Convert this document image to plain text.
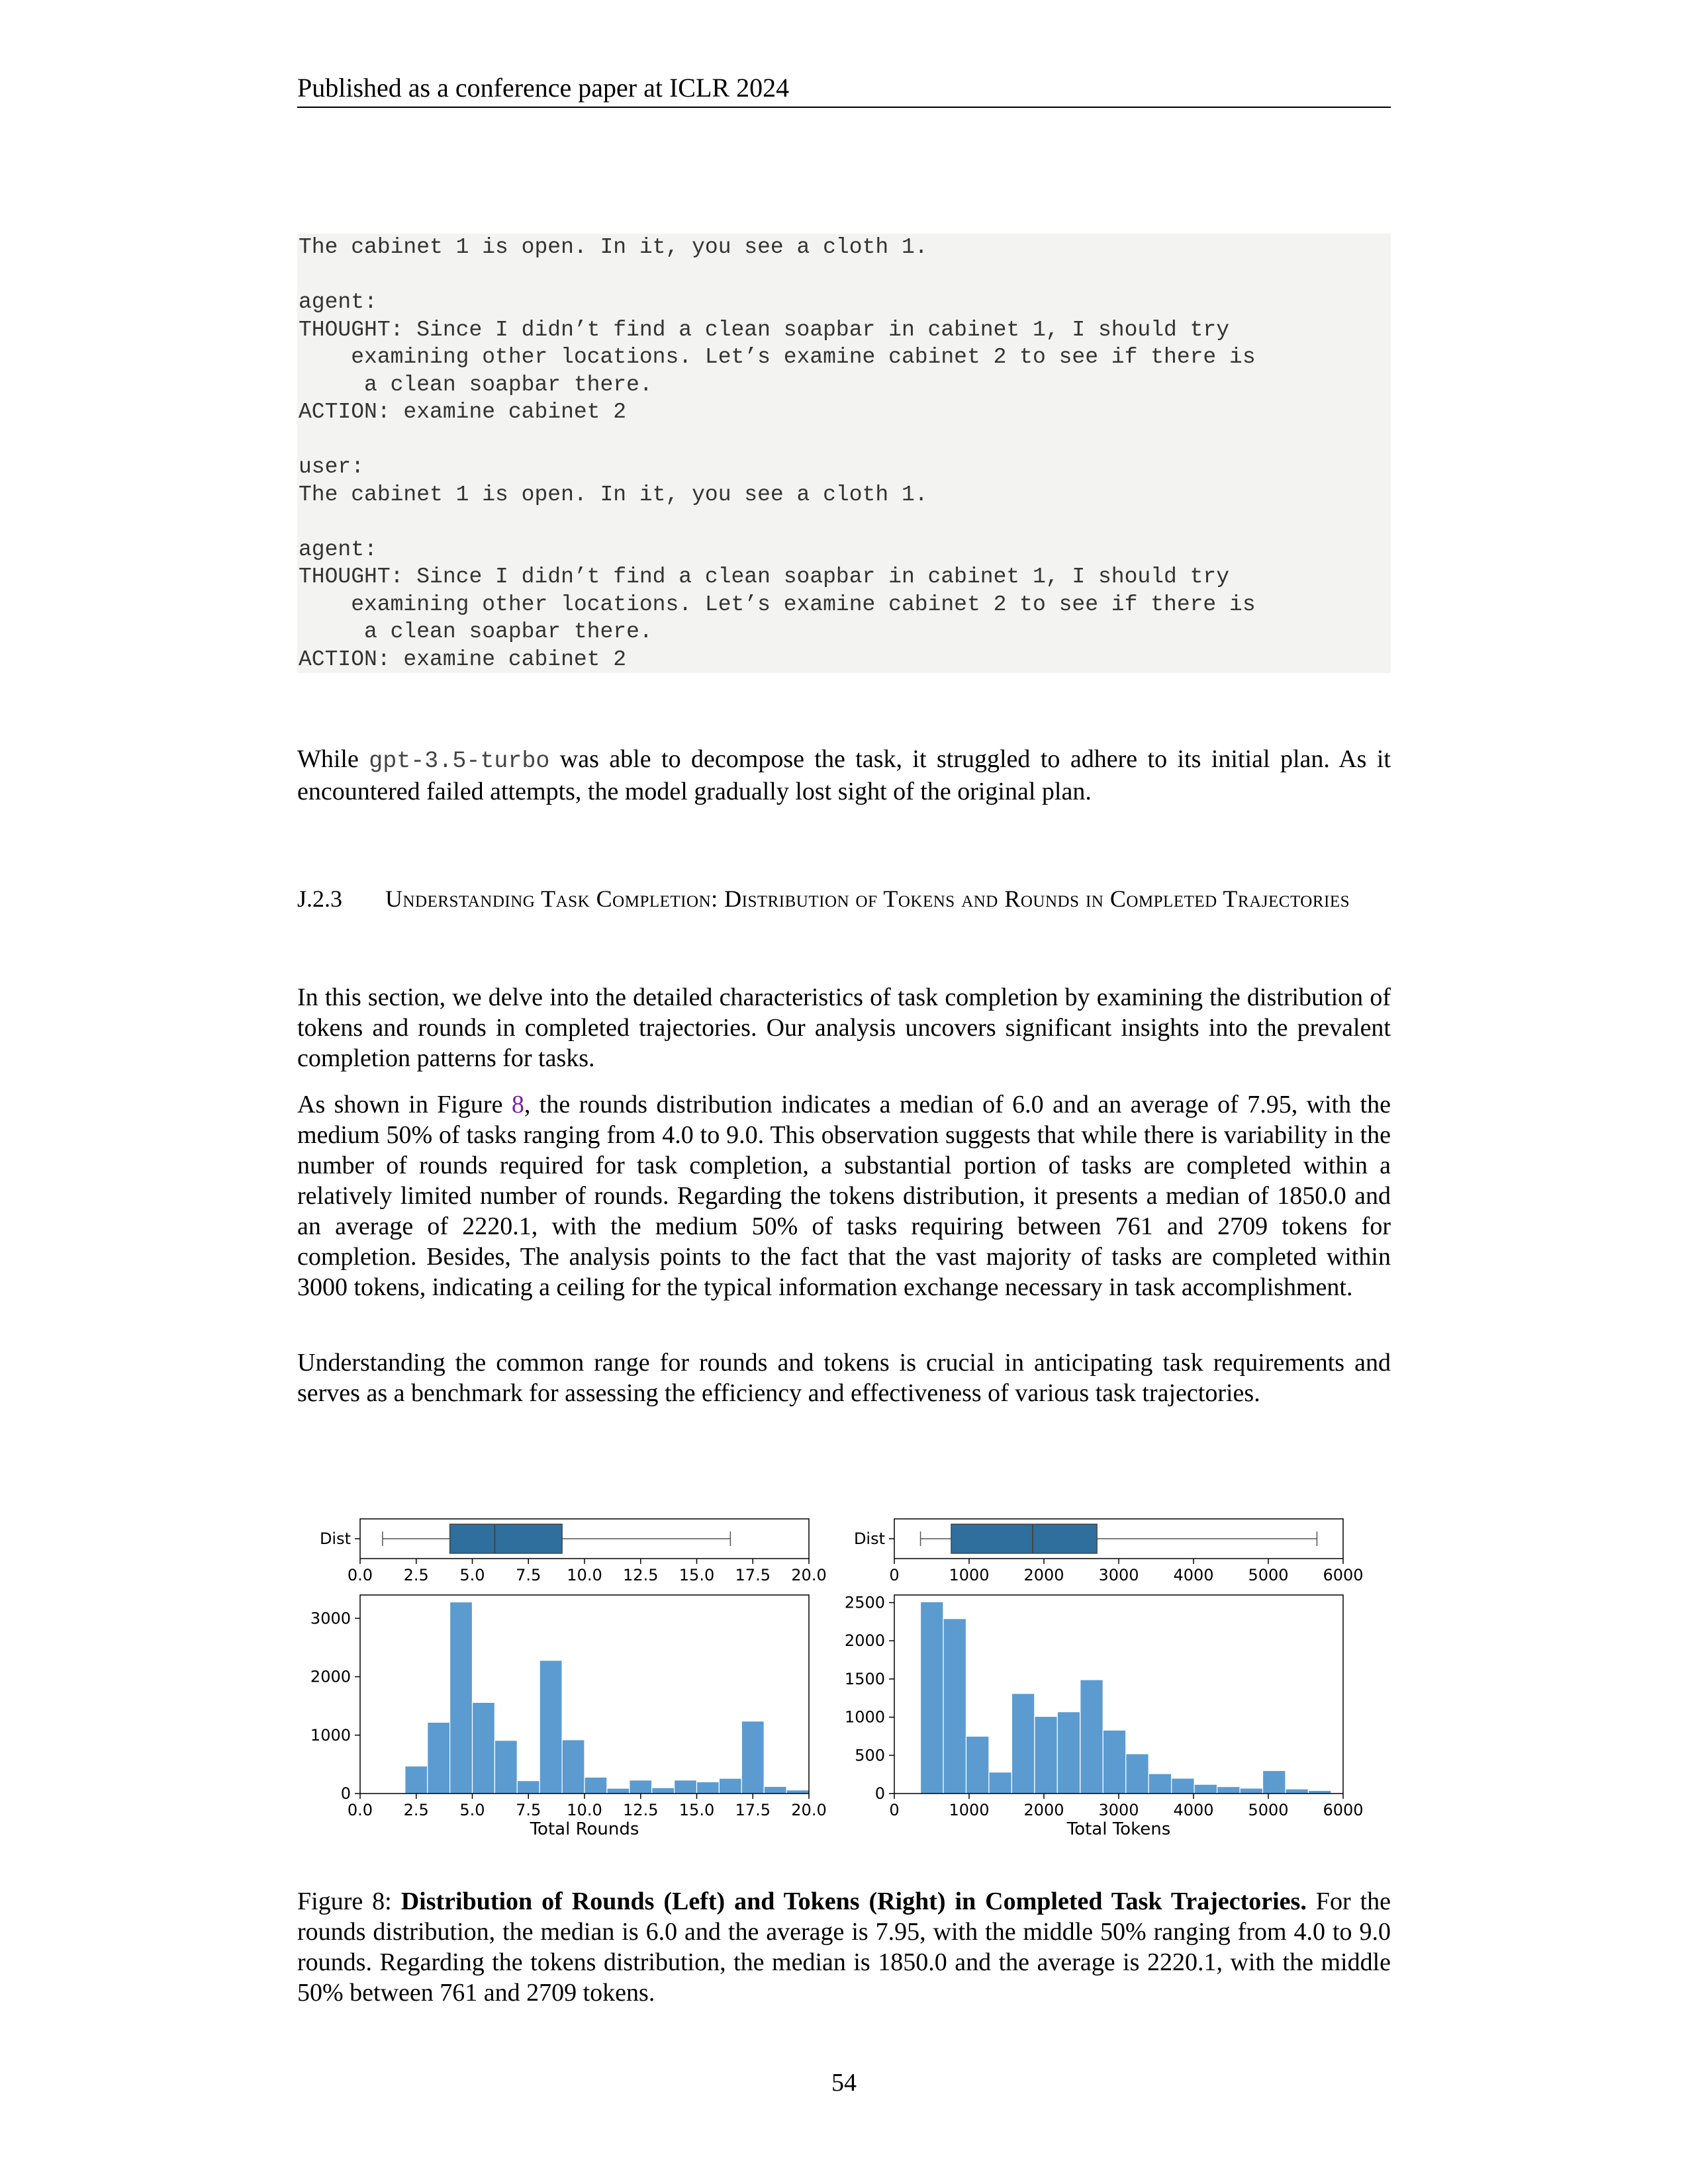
Published as a conference paper at ICLR 2024
The cabinet 1 is open. In it, you see a cloth 1.
agent:
THOUGHT: Since I didn’t find a clean soapbar in cabinet 1, I should try
examining other locations. Let’s examine cabinet 2 to see if there is
a clean soapbar there.
ACTION: examine cabinet 2
user:
The cabinet 1 is open. In it, you see a cloth 1.
agent:
THOUGHT: Since I didn’t find a clean soapbar in cabinet 1, I should try
examining other locations. Let’s examine cabinet 2 to see if there is
a clean soapbar there.
ACTION: examine cabinet 2
While gpt-3.5-turbo was able to decompose the task, it struggled to adhere to its initial plan. As it encountered failed attempts, the model gradually lost sight of the original plan.
J.2.3 Understanding Task Completion: Distribution of Tokens and Rounds in Completed Trajectories
In this section, we delve into the detailed characteristics of task completion by examining the distribution of tokens and rounds in completed trajectories. Our analysis uncovers significant insights into the prevalent completion patterns for tasks.
As shown in Figure 8, the rounds distribution indicates a median of 6.0 and an average of 7.95, with the medium 50% of tasks ranging from 4.0 to 9.0. This observation suggests that while there is variability in the number of rounds required for task completion, a substantial portion of tasks are completed within a relatively limited number of rounds. Regarding the tokens distribution, it presents a median of 1850.0 and an average of 2220.1, with the medium 50% of tasks requiring between 761 and 2709 tokens for completion. Besides, The analysis points to the fact that the vast majority of tasks are completed within 3000 tokens, indicating a ceiling for the typical information exchange necessary in task accomplishment.
Understanding the common range for rounds and tokens is crucial in anticipating task requirements and serves as a benchmark for assessing the efficiency and effectiveness of various task trajectories.
Dist
0.0 2.5 5.0 7.5 10.0 12.5 15.0 17.5 20.0
Dist
0	1000 2000 3000 4000 5000 6000
0
1000
2000
3000
0.0 2.5 5.0 7.5 10.0 12.5 15.0 17.5 20.0
Total Rounds
0
500
1000
1500
2000
2500
0	1000 2000 3000 4000 5000 6000
Total Tokens
Figure 8: Distribution of Rounds (Left) and Tokens (Right) in Completed Task Trajectories. For the rounds distribution, the median is 6.0 and the average is 7.95, with the middle 50% ranging from 4.0 to 9.0 rounds. Regarding the tokens distribution, the median is 1850.0 and the average is 2220.1, with the middle 50% between 761 and 2709 tokens.
54
